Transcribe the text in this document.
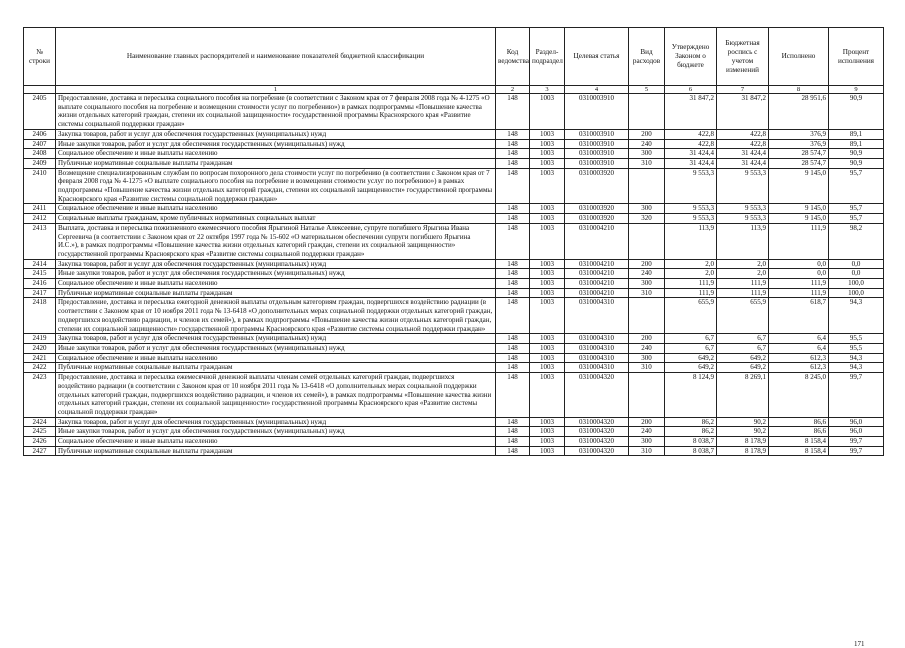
№ строки	Наименование главных распорядителей и наименование показателей бюджетной классификации	Код ведомства	Раздел-подраздел	Целевая статья	Вид расходов	Утверждено Законом о бюджете	Бюджетная роспись с учетом изменений	Исполнено	Процент исполнения
	1	2	3	4	5	6	7	8	9
2405	Предоставление, доставка и пересылка социального пособия на погребение (в соответствии с Законом края от 7 февраля 2008 года № 4-1275 «О выплате социального пособия на погребение и возмещении стоимости услуг по погребению») в рамках подпрограммы «Повышение качества жизни отдельных категорий граждан, степени их социальной защищенности» государственной программы Красноярского края «Развитие системы социальной поддержки граждан»	148	1003	0310003910		31 847,2	31 847,2	28 951,6	90,9
2406	Закупка товаров, работ и услуг для обеспечения государственных (муниципальных) нужд	148	1003	0310003910	200	422,8	422,8	376,9	89,1
2407	Иные закупки товаров, работ и услуг для обеспечения государственных (муниципальных) нужд	148	1003	0310003910	240	422,8	422,8	376,9	89,1
2408	Социальное обеспечение и иные выплаты населению	148	1003	0310003910	300	31 424,4	31 424,4	28 574,7	90,9
2409	Публичные нормативные социальные выплаты гражданам	148	1003	0310003910	310	31 424,4	31 424,4	28 574,7	90,9
2410	Возмещение специализированным службам по вопросам похоронного дела стоимости услуг по погребению (в соответствии с Законом края от 7 февраля 2008 года № 4-1275 «О выплате социального пособия на погребение и возмещении стоимости услуг по погребению») в рамках подпрограммы «Повышение качества жизни отдельных категорий граждан, степени их социальной защищенности» государственной программы Красноярского края «Развитие системы социальной поддержки граждан»	148	1003	0310003920		9 553,3	9 553,3	9 145,0	95,7
2411	Социальное обеспечение и иные выплаты населению	148	1003	0310003920	300	9 553,3	9 553,3	9 145,0	95,7
2412	Социальные выплаты гражданам, кроме публичных нормативных социальных выплат	148	1003	0310003920	320	9 553,3	9 553,3	9 145,0	95,7
2413	Выплата, доставка и пересылка пожизненного ежемесячного пособия Ярыгиной Наталье Алексеевне, супруге погибшего Ярыгина Ивана Сергеевича (в соответствии с Законом края от 22 октября 1997 года № 15-602 «О материальном обеспечении супруги погибшего Ярыгина И.С.»), в рамках подпрограммы «Повышение качества жизни отдельных категорий граждан, степени их социальной защищенности» государственной программы Красноярского края «Развитие системы социальной поддержки граждан»	148	1003	0310004210		113,9	113,9	111,9	98,2
2414	Закупка товаров, работ и услуг для обеспечения государственных (муниципальных) нужд	148	1003	0310004210	200	2,0	2,0	0,0	0,0
2415	Иные закупки товаров, работ и услуг для обеспечения государственных (муниципальных) нужд	148	1003	0310004210	240	2,0	2,0	0,0	0,0
2416	Социальное обеспечение и иные выплаты населению	148	1003	0310004210	300	111,9	111,9	111,9	100,0
2417	Публичные нормативные социальные выплаты гражданам	148	1003	0310004210	310	111,9	111,9	111,9	100,0
2418	Предоставление, доставка и пересылка ежегодной денежной выплаты отдельным категориям граждан, подвергшихся воздействию радиации (в соответствии с Законом края от 10 ноября 2011 года № 13-6418 «О дополнительных мерах социальной поддержки отдельных категорий граждан, подвергшихся воздействию радиации, и членов их семей»), в рамках подпрограммы «Повышение качества жизни отдельных категорий граждан, степени их социальной защищенности» государственной программы Красноярского края «Развитие системы социальной поддержки граждан»	148	1003	0310004310		655,9	655,9	618,7	94,3
2419	Закупка товаров, работ и услуг для обеспечения государственных (муниципальных) нужд	148	1003	0310004310	200	6,7	6,7	6,4	95,5
2420	Иные закупки товаров, работ и услуг для обеспечения государственных (муниципальных) нужд	148	1003	0310004310	240	6,7	6,7	6,4	95,5
2421	Социальное обеспечение и иные выплаты населению	148	1003	0310004310	300	649,2	649,2	612,3	94,3
2422	Публичные нормативные социальные выплаты гражданам	148	1003	0310004310	310	649,2	649,2	612,3	94,3
2423	Предоставление, доставка и пересылка ежемесячной денежной выплаты членам семей отдельных категорий граждан, подвергшихся воздействию радиации (в соответствии с Законом края от 10 ноября 2011 года № 13-6418 «О дополнительных мерах социальной поддержки отдельных категорий граждан, подвергшихся воздействию радиации, и членов их семей»), в рамках подпрограммы «Повышение качества жизни отдельных категорий граждан, степени их социальной защищенности» государственной программы Красноярского края «Развитие системы социальной поддержки граждан»	148	1003	0310004320		8 124,9	8 269,1	8 245,0	99,7
2424	Закупка товаров, работ и услуг для обеспечения государственных (муниципальных) нужд	148	1003	0310004320	200	86,2	90,2	86,6	96,0
2425	Иные закупки товаров, работ и услуг для обеспечения государственных (муниципальных) нужд	148	1003	0310004320	240	86,2	90,2	86,6	96,0
2426	Социальное обеспечение и иные выплаты населению	148	1003	0310004320	300	8 038,7	8 178,9	8 158,4	99,7
2427	Публичные нормативные социальные выплаты гражданам	148	1003	0310004320	310	8 038,7	8 178,9	8 158,4	99,7
171
